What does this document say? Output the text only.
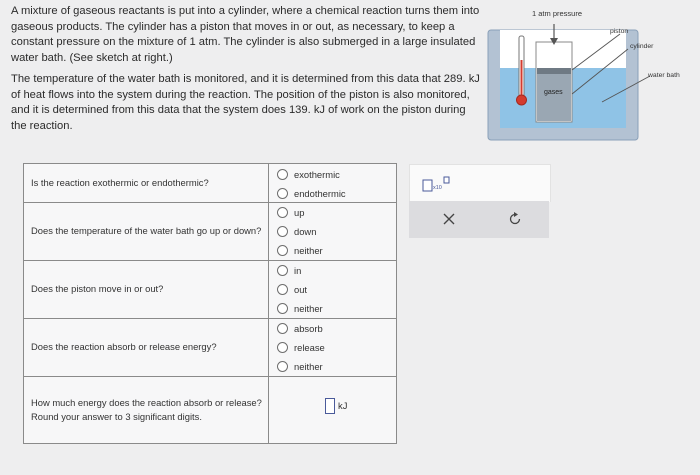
A mixture of gaseous reactants is put into a cylinder, where a chemical reaction turns them into gaseous products. The cylinder has a piston that moves in or out, as necessary, to keep a constant pressure on the mixture of 1 atm. The cylinder is also submerged in a large insulated water bath. (See sketch at right.)

The temperature of the water bath is monitored, and it is determined from this data that 289. kJ of heat flows into the system during the reaction. The position of the piston is also monitored, and it is determined from this data that the system does 139. kJ of work on the piston during the reaction.

1 atm pressure
piston
cylinder
water bath
gases
Is the reaction exothermic or endothermic?
exothermic
endothermic
Does the temperature of the water bath go up or down?
up
down
neither
Does the piston move in or out?
in
out
neither
Does the reaction absorb or release energy?
absorb
release
neither
How much energy does the reaction absorb or release? Round your answer to 3 significant digits.
kJ
x10
